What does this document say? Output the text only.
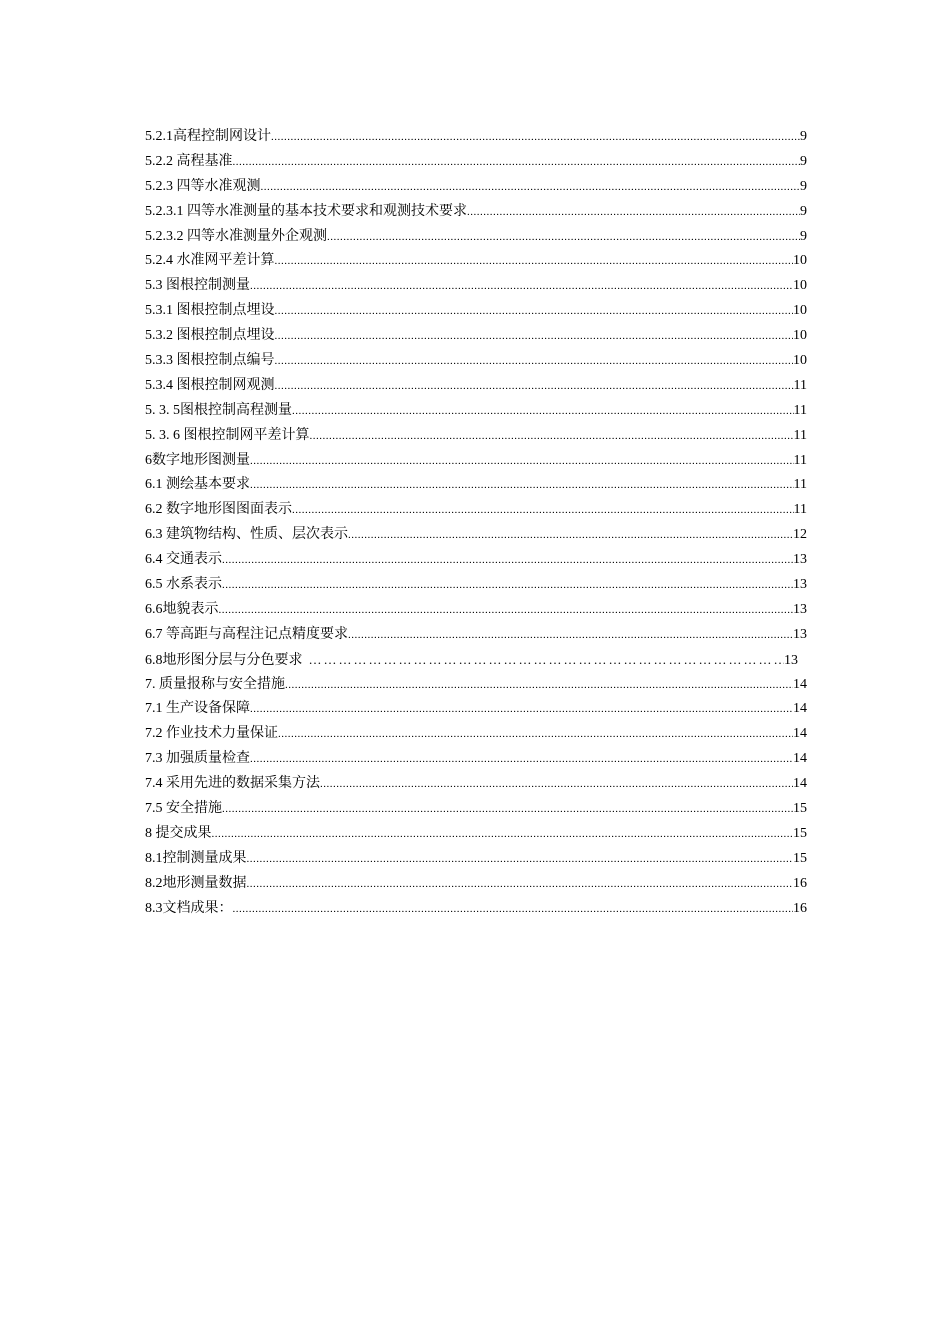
5.2.1高程控制网设计 .....	9
5.2.2 高程基准 .....	9
5.2.3 四等水准观测 .....	9
5.2.3.1 四等水准测量的基本技术要求和观测技术要求 .....	9
5.2.3.2 四等水准测量外企观测 .....	9
5.2.4 水准网平差计算 .....	10
5.3 图根控制测量 .....	10
5.3.1 图根控制点埋设 .....	10
5.3.2 图根控制点埋设 .....	10
5.3.3 图根控制点编号 .....	10
5.3.4 图根控制网观测 .....	11
5. 3. 5图根控制高程测量 .....	11
5. 3. 6 图根控制网平差计算 .....	11
6数字地形图测量 .....	11
6.1 测绘基本要求 .....	11
6.2 数字地形图图面表示 .....	11
6.3 建筑物结构、性质、层次表示 .....	12
6.4 交通表示 .....	13
6.5 水系表示 .....	13
6.6地貌表示 .....	13
6.7 等高距与高程注记点精度要求 .....	13
6.8地形图分层与分色要求 …………………………………………………………………………………………………………………………………………	13
7. 质量报称与安全措施 .....	14
7.1 生产设备保障 .....	14
7.2 作业技术力量保证 .....	14
7.3 加强质量检查 .....	14
7.4 采用先进的数据采集方法 .....	14
7.5 安全措施 .....	15
8 提交成果 .....	15
8.1控制测量成果 .....	15
8.2地形测量数据 .....	16
8.3文档成果： .....	16
